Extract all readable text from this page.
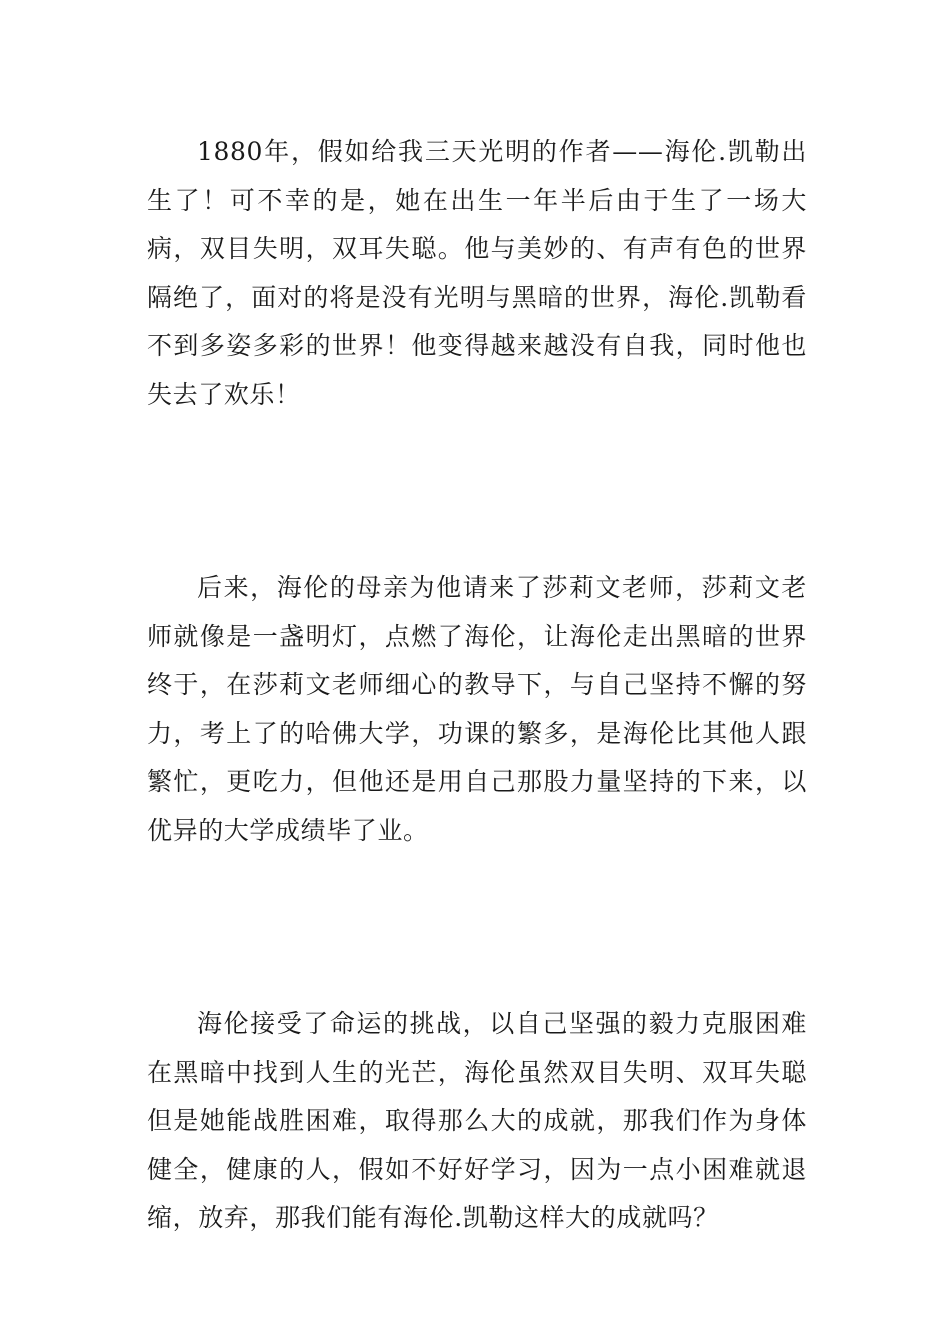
1880年，假如给我三天光明的作者——海伦.凯勒出生了！可不幸的是，她在出生一年半后由于生了一场大病，双目失明，双耳失聪。他与美妙的、有声有色的世界隔绝了，面对的将是没有光明与黑暗的世界，海伦.凯勒看不到多姿多彩的世界！他变得越来越没有自我，同时他也失去了欢乐！

后来，海伦的母亲为他请来了莎莉文老师，莎莉文老师就像是一盏明灯，点燃了海伦，让海伦走出黑暗的世界终于，在莎莉文老师细心的教导下，与自己坚持不懈的努力，考上了的哈佛大学，功课的繁多，是海伦比其他人跟繁忙，更吃力，但他还是用自己那股力量坚持的下来，以优异的大学成绩毕了业。

海伦接受了命运的挑战，以自己坚强的毅力克服困难在黑暗中找到人生的光芒，海伦虽然双目失明、双耳失聪但是她能战胜困难，取得那么大的成就，那我们作为身体健全，健康的人，假如不好好学习，因为一点小困难就退缩，放弃，那我们能有海伦.凯勒这样大的成就吗？
